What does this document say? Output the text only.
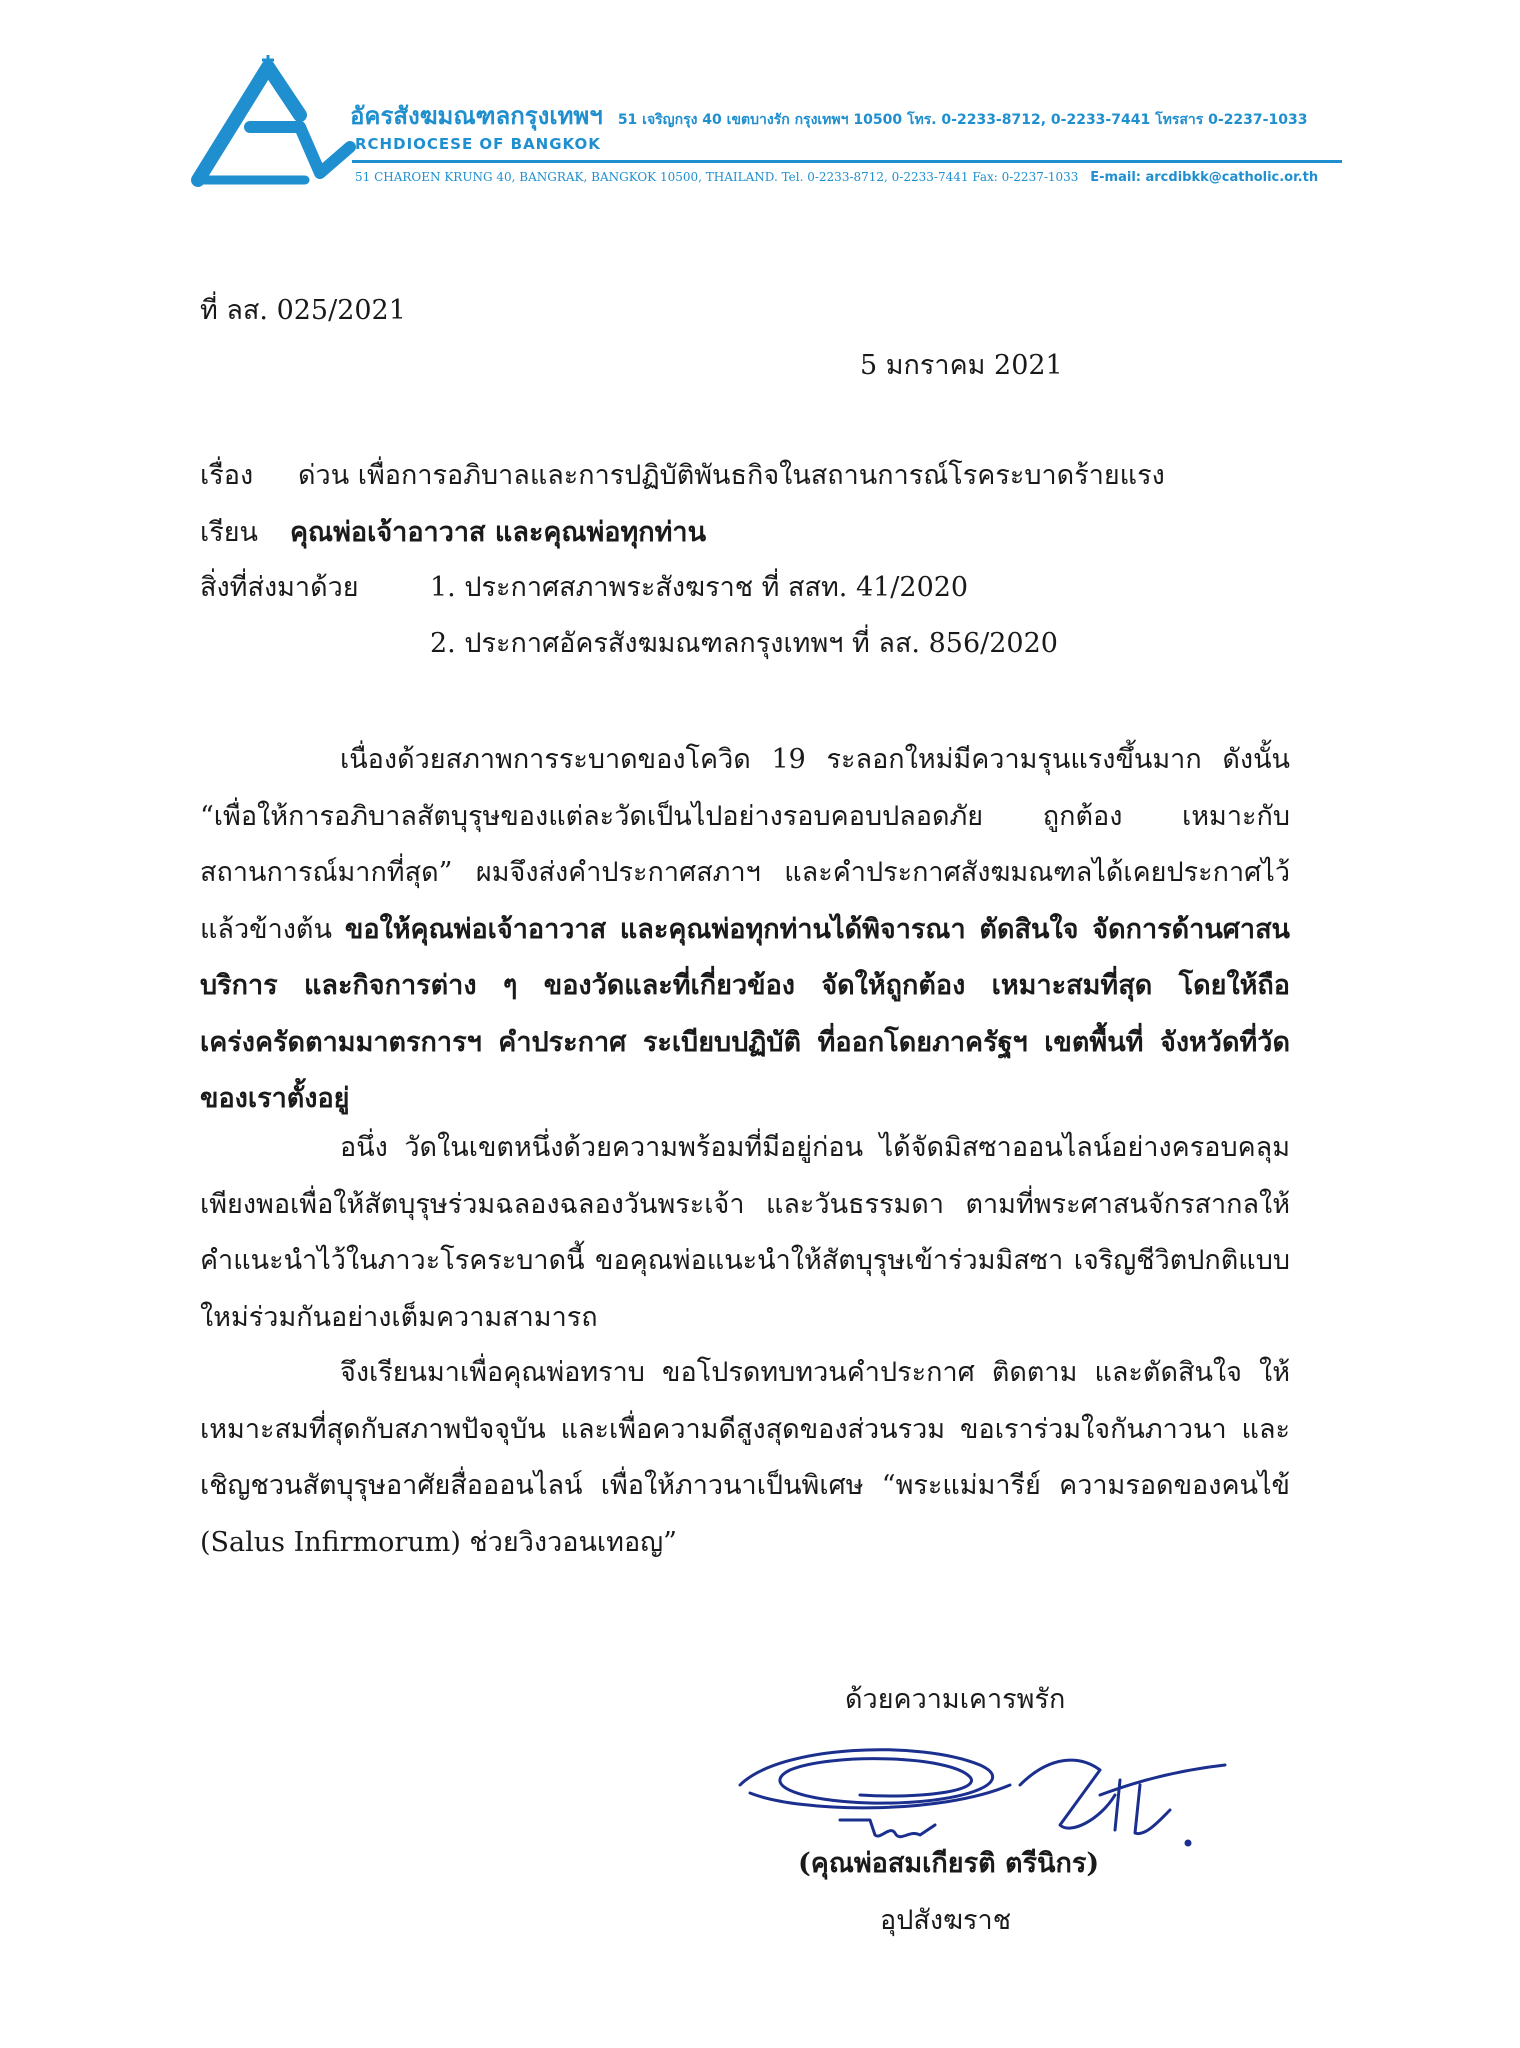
อัครสังฆมณฑลกรุงเทพฯ 51 เจริญกรุง 40 เขตบางรัก กรุงเทพฯ 10500 โทร. 0-2233-8712, 0-2233-7441 โทรสาร 0-2237-1033
RCHDIOCESE OF BANGKOK
51 CHAROEN KRUNG 40, BANGRAK, BANGKOK 10500, THAILAND. Tel. 0-2233-8712, 0-2233-7441 Fax: 0-2237-1033 E-mail: arcdibkk@catholic.or.th
ที่ ลส. 025/2021
5 มกราคม 2021
เรื่อง ด่วน เพื่อการอภิบาลและการปฏิบัติพันธกิจในสถานการณ์โรคระบาดร้ายแรง
เรียน คุณพ่อเจ้าอาวาส และคุณพ่อทุกท่าน
สิ่งที่ส่งมาด้วย	1. ประกาศสภาพระสังฆราช ที่ สสท. 41/2020
2. ประกาศอัครสังฆมณฑลกรุงเทพฯ ที่ ลส. 856/2020
เนื่องด้วยสภาพการระบาดของโควิด 19 ระลอกใหม่มีความรุนแรงขึ้นมาก ดังนั้น “เพื่อให้การอภิบาลสัตบุรุษของแต่ละวัดเป็นไปอย่างรอบคอบปลอดภัย ถูกต้อง เหมาะกับสถานการณ์มากที่สุด” ผมจึงส่งคำประกาศสภาฯ และคำประกาศสังฆมณฑลได้เคยประกาศไว้แล้วข้างต้น ขอให้คุณพ่อเจ้าอาวาส และคุณพ่อทุกท่านได้พิจารณา ตัดสินใจ จัดการด้านศาสนบริการ และกิจการต่าง ๆ ของวัดและที่เกี่ยวข้อง จัดให้ถูกต้อง เหมาะสมที่สุด โดยให้ถือเคร่งครัดตามมาตรการฯ คำประกาศ ระเบียบปฏิบัติ ที่ออกโดยภาครัฐฯ เขตพื้นที่ จังหวัดที่วัดของเราตั้งอยู่
อนึ่ง วัดในเขตหนึ่งด้วยความพร้อมที่มีอยู่ก่อน ได้จัดมิสซาออนไลน์อย่างครอบคลุมเพียงพอเพื่อให้สัตบุรุษร่วมฉลองฉลองวันพระเจ้า และวันธรรมดา ตามที่พระศาสนจักรสากลให้คำแนะนำไว้ในภาวะโรคระบาดนี้ ขอคุณพ่อแนะนำให้สัตบุรุษเข้าร่วมมิสซา เจริญชีวิตปกติแบบใหม่ร่วมกันอย่างเต็มความสามารถ
จึงเรียนมาเพื่อคุณพ่อทราบ ขอโปรดทบทวนคำประกาศ ติดตาม และตัดสินใจ ให้เหมาะสมที่สุดกับสภาพปัจจุบัน และเพื่อความดีสูงสุดของส่วนรวม ขอเราร่วมใจกันภาวนา และเชิญชวนสัตบุรุษอาศัยสื่อออนไลน์ เพื่อให้ภาวนาเป็นพิเศษ “พระแม่มารีย์ ความรอดของคนไข้ (Salus Infirmorum) ช่วยวิงวอนเทอญ”
ด้วยความเคารพรัก
(คุณพ่อสมเกียรติ ตรีนิกร)
อุปสังฆราช
